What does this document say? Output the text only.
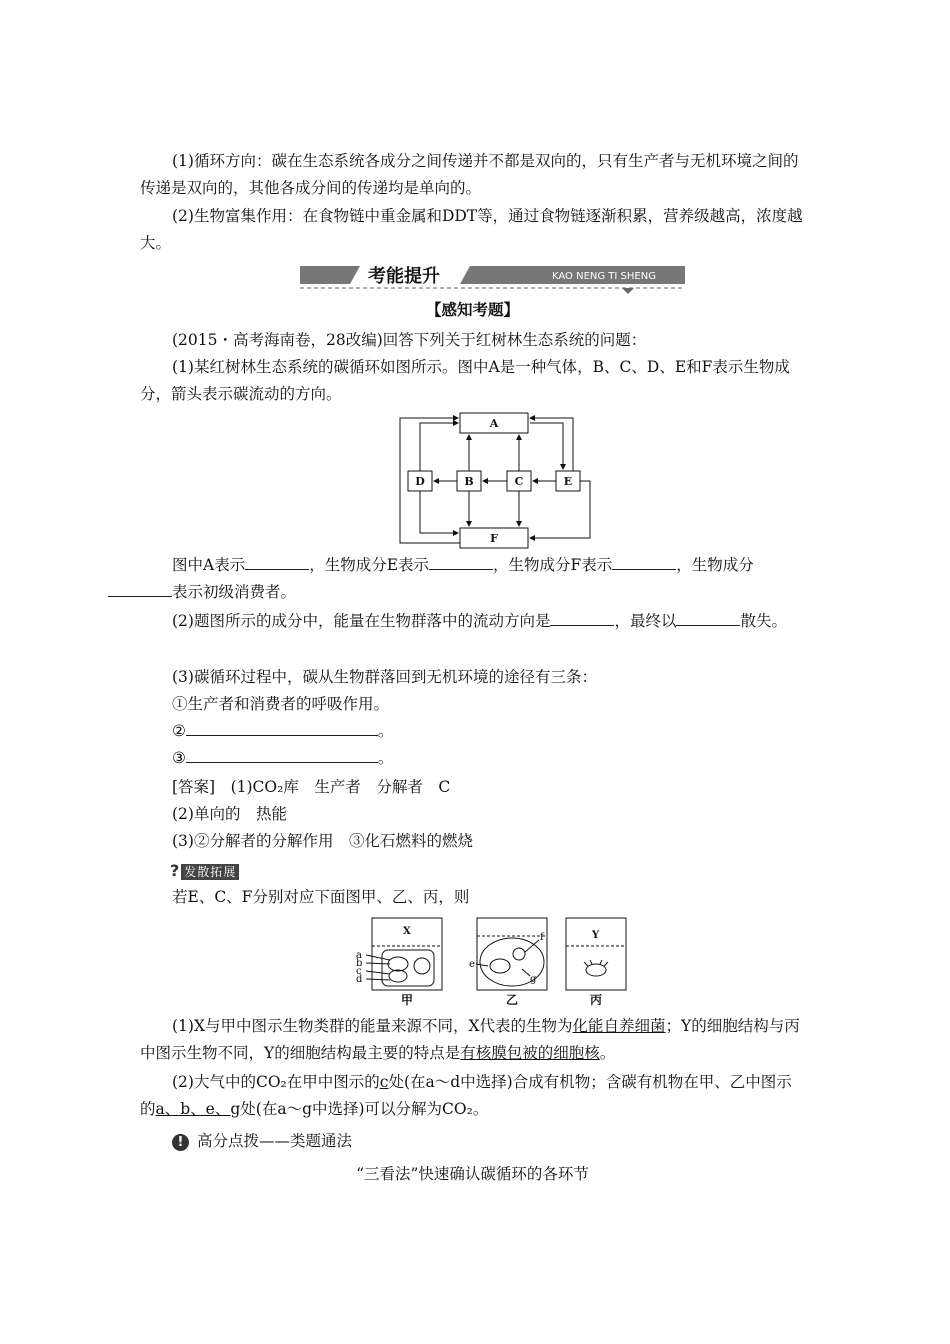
(1)循环方向：碳在生态系统各成分之间传递并不都是双向的，只有生产者与无机环境之间的传递是双向的，其他各成分间的传递均是单向的。
(2)生物富集作用：在食物链中重金属和DDT等，通过食物链逐渐积累，营养级越高，浓度越大。
考能提升	KAO NENG TI SHENG
【感知考题】
(2015・高考海南卷，28改编)回答下列关于红树林生态系统的问题：
(1)某红树林生态系统的碳循环如图所示。图中A是一种气体，B、C、D、E和F表示生物成分，箭头表示碳流动的方向。
A
D	B	C	E
F
图中A表示	，生物成分E表示	，生物成分F表示	，生物成分
表示初级消费者。
(2)题图所示的成分中，能量在生物群落中的流动方向是	，最终以	散失。
(3)碳循环过程中，碳从生物群落回到无机环境的途径有三条：
①生产者和消费者的呼吸作用。
②	。
③	。
[答案]　(1)CO₂库　生产者　分解者　C
(2)单向的　热能
(3)②分解者的分解作用　③化石燃料的燃烧
? 发散拓展
若E、C、F分别对应下面图甲、乙、丙，则
X
a
b
c
d
e
f
g
Y
甲	乙	丙
(1)X与甲中图示生物类群的能量来源不同，X代表的生物为化能自养细菌；Y的细胞结构与丙中图示生物不同，Y的细胞结构最主要的特点是有核膜包被的细胞核。
(2)大气中的CO₂在甲中图示的c处(在a～d中选择)合成有机物；含碳有机物在甲、乙中图示的a、b、e、g处(在a～g中选择)可以分解为CO₂。
! 高分点拨——类题通法
“三看法”快速确认碳循环的各环节
